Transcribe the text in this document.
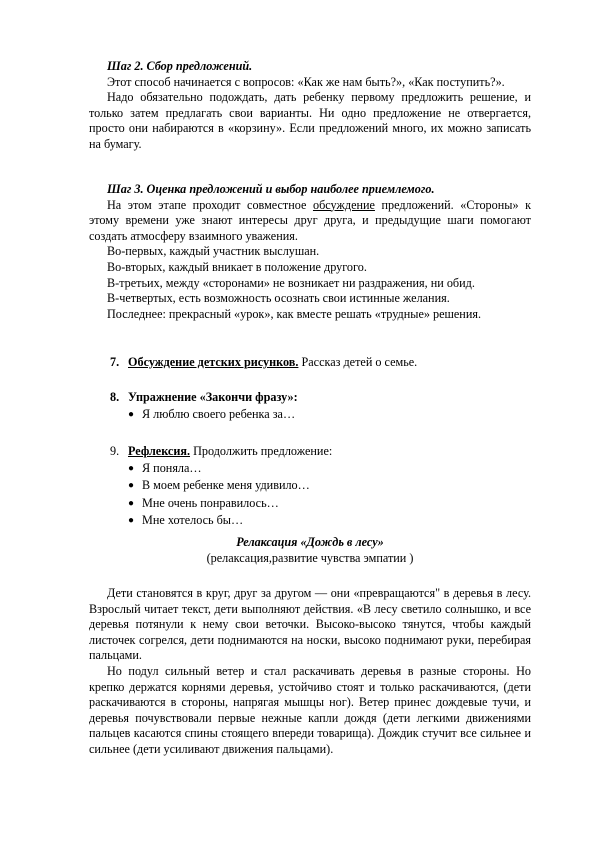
Шаг 2. Сбор предложений.

Этот способ начинается с вопросов: «Как же нам быть?», «Как поступить?».

Надо обязательно подождать, дать ребенку первому предложить решение, и только затем предлагать свои варианты. Ни одно предложение не отвергается, просто они набираются в «корзину». Если предложений много, их можно записать на бумагу.

Шаг 3. Оценка предложений и выбор наиболее приемлемого.

На этом этапе проходит совместное обсуждение предложений. «Стороны» к этому времени уже знают интересы друг друга, и предыдущие шаги помогают создать атмосферу взаимного уважения.

Во-первых, каждый участник выслушан.

Во-вторых, каждый вникает в положение другого.

В-третьих, между «сторонами» не возникает ни раздражения, ни обид.

В-четвертых, есть возможность осознать свои истинные желания.

Последнее: прекрасный «урок», как вместе решать «трудные» решения.

7. Обсуждение детских рисунков. Рассказ детей о семье.
8. Упражнение «Закончи фразу»:
● Я люблю своего ребенка за…
9. Рефлексия. Продолжить предложение:
● Я поняла…
● В моем ребенке меня удивило…
● Мне очень понравилось…
● Мне хотелось бы…

Релаксация «Дождь в лесу»

(релаксация,развитие чувства эмпатии )

Дети становятся в круг, друг за другом — они «превращаются" в деревья в лесу. Взрослый читает текст, дети выполняют действия. «В лесу светило солнышко, и все деревья потянули к нему свои веточки. Высоко-высоко тянутся, чтобы каждый листочек согрелся, дети поднимаются на носки, высоко поднимают руки, перебирая пальцами.

Но подул сильный ветер и стал раскачивать деревья в разные стороны. Но крепко держатся корнями деревья, устойчиво стоят и только раскачиваются, (дети раскачиваются в стороны, напрягая мышцы ног). Ветер принес дождевые тучи, и деревья почувствовали первые нежные капли дождя (дети легкими движениями пальцев касаются спины стоящего впереди товарища). Дождик стучит все сильнее и сильнее (дети усиливают движения пальцами).
